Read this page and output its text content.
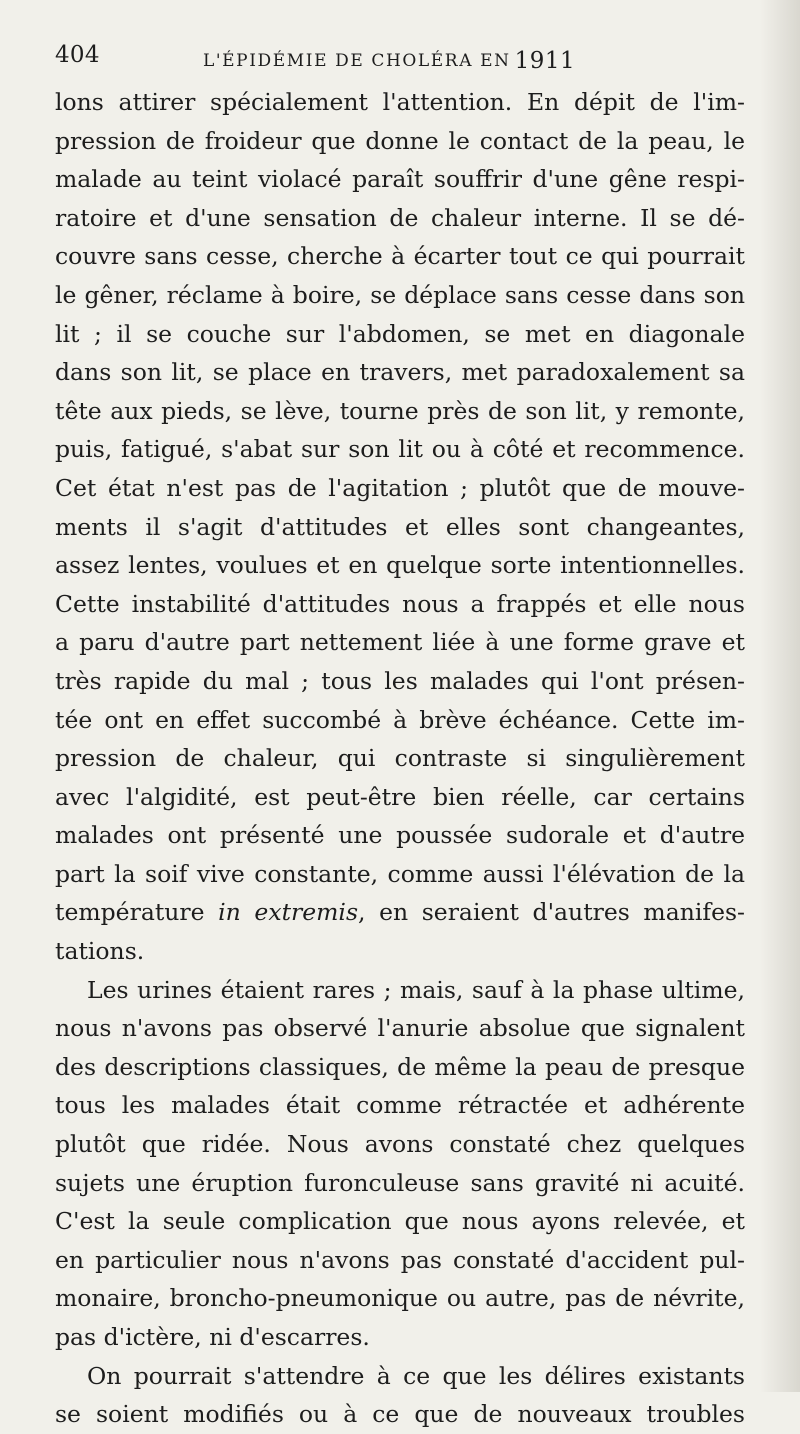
404	L'ÉPIDÉMIE DE CHOLÉRA EN 1911
lons attirer spécialement l'attention. En dépit de l'im-
pression de froideur que donne le contact de la peau, le
malade au teint violacé paraît souffrir d'une gêne respi-
ratoire et d'une sensation de chaleur interne. Il se dé-
couvre sans cesse, cherche à écarter tout ce qui pourrait
le gêner, réclame à boire, se déplace sans cesse dans son
lit ; il se couche sur l'abdomen, se met en diagonale
dans son lit, se place en travers, met paradoxalement sa
tête aux pieds, se lève, tourne près de son lit, y remonte,
puis, fatigué, s'abat sur son lit ou à côté et recommence.
Cet état n'est pas de l'agitation ; plutôt que de mouve-
ments il s'agit d'attitudes et elles sont changeantes,
assez lentes, voulues et en quelque sorte intentionnelles.
Cette instabilité d'attitudes nous a frappés et elle nous
a paru d'autre part nettement liée à une forme grave et
très rapide du mal ; tous les malades qui l'ont présen-
tée ont en effet succombé à brève échéance. Cette im-
pression de chaleur, qui contraste si singulièrement
avec l'algidité, est peut-être bien réelle, car certains
malades ont présenté une poussée sudorale et d'autre
part la soif vive constante, comme aussi l'élévation de la
température in extremis, en seraient d'autres manifes-
tations.
Les urines étaient rares ; mais, sauf à la phase ultime,
nous n'avons pas observé l'anurie absolue que signalent
des descriptions classiques, de même la peau de presque
tous les malades était comme rétractée et adhérente
plutôt que ridée. Nous avons constaté chez quelques
sujets une éruption furonculeuse sans gravité ni acuité.
C'est la seule complication que nous ayons relevée, et
en particulier nous n'avons pas constaté d'accident pul-
monaire, broncho-pneumonique ou autre, pas de névrite,
pas d'ictère, ni d'escarres.
On pourrait s'attendre à ce que les délires existants
se soient modifiés ou à ce que de nouveaux troubles
